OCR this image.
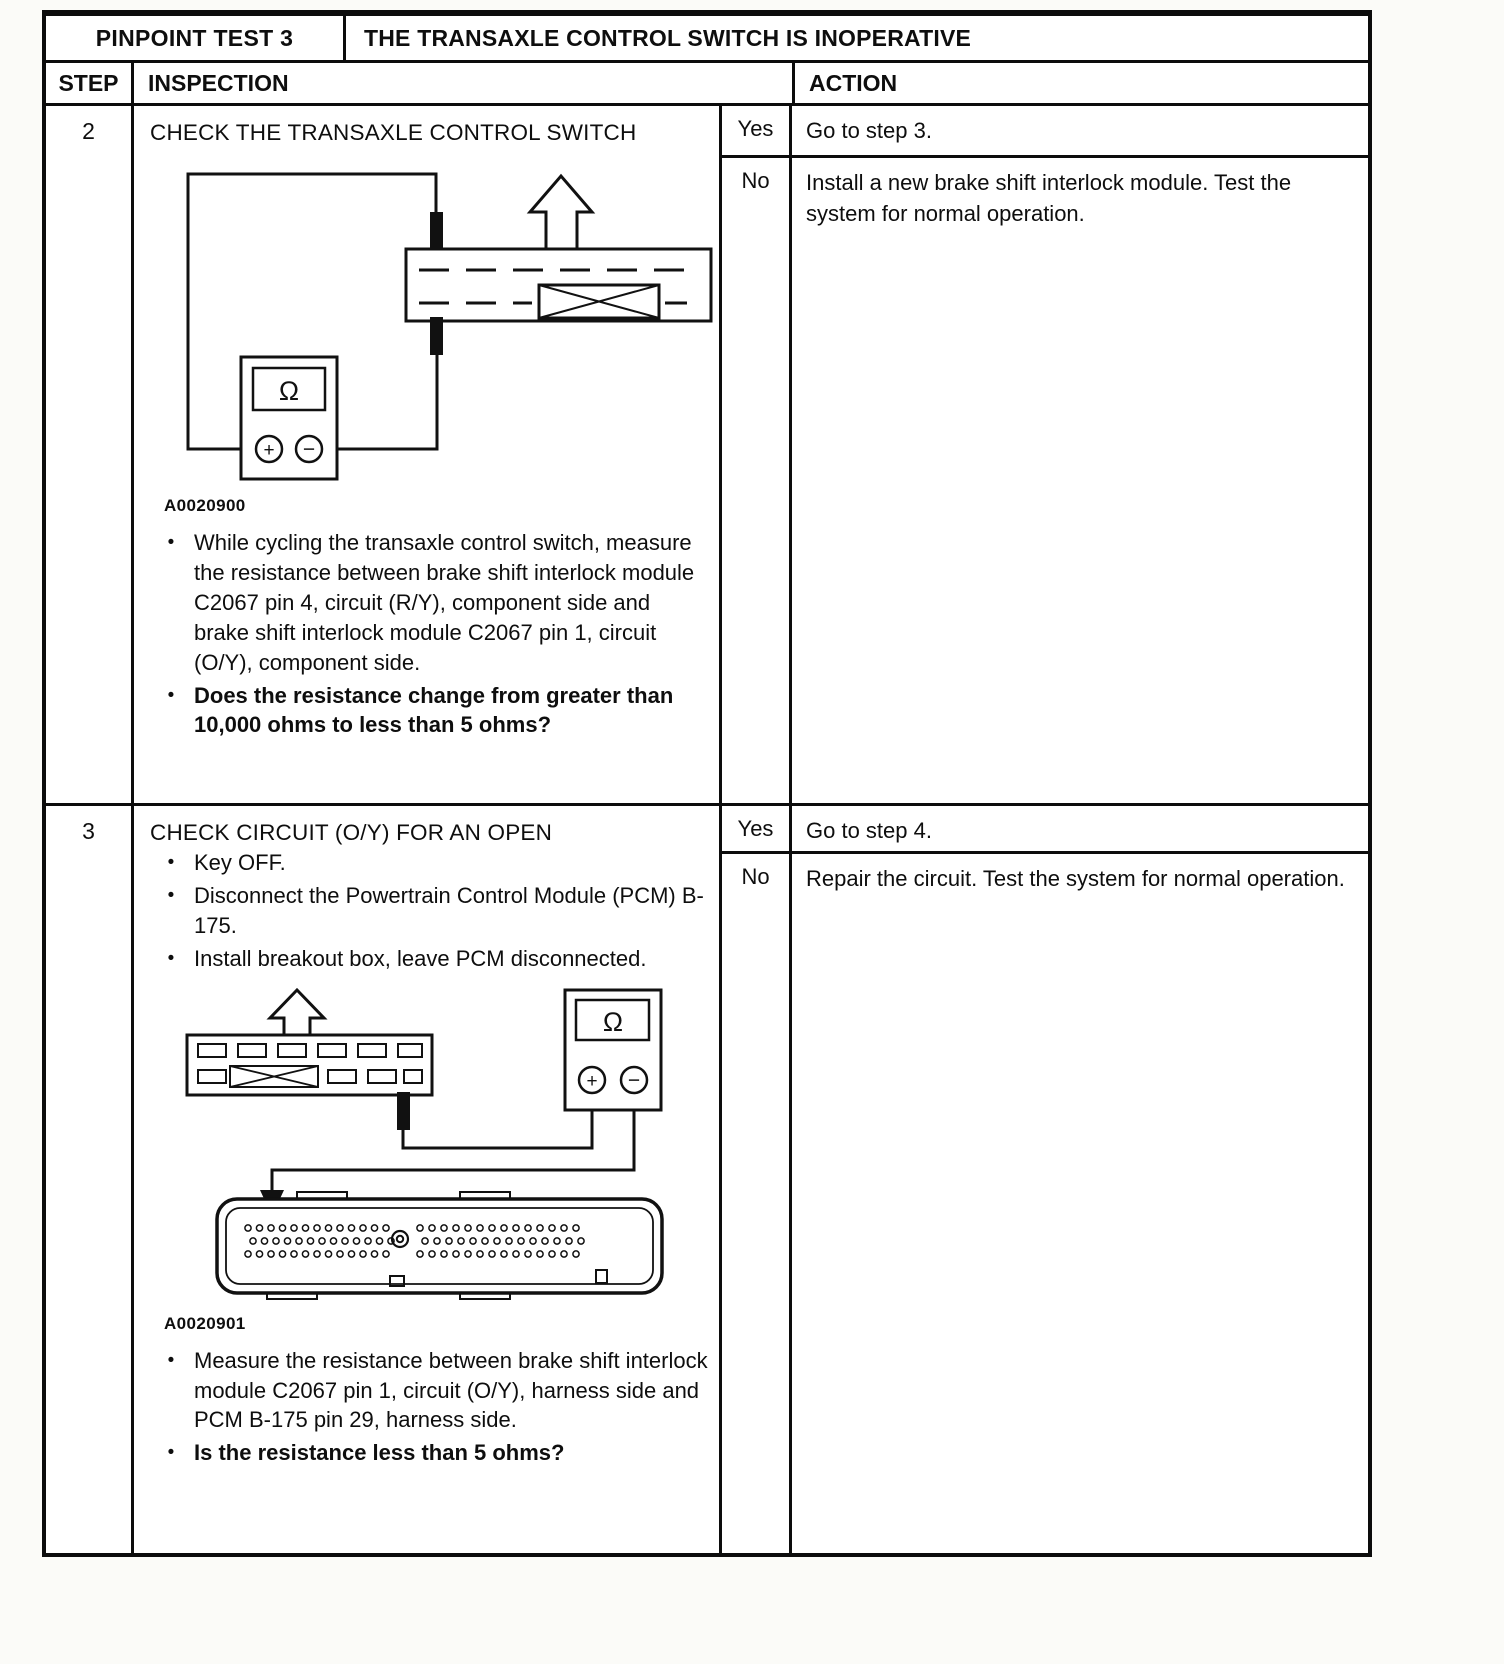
PINPOINT TEST 3	THE TRANSAXLE CONTROL SWITCH IS INOPERATIVE
STEP	INSPECTION	ACTION
2	CHECK THE TRANSAXLE CONTROL SWITCH
Ω
+ −
A0020900
• While cycling the transaxle control switch, measure the resistance between brake shift interlock module C2067 pin 4, circuit (R/Y), component side and brake shift interlock module C2067 pin 1, circuit (O/Y), component side.
• Does the resistance change from greater than 10,000 ohms to less than 5 ohms?
Yes	Go to step 3.
No	Install a new brake shift interlock module. Test the system for normal operation.
3	CHECK CIRCUIT (O/Y) FOR AN OPEN
• Key OFF.
• Disconnect the Powertrain Control Module (PCM) B-175.
• Install breakout box, leave PCM disconnected.
Ω
+ −
A0020901
• Measure the resistance between brake shift interlock module C2067 pin 1, circuit (O/Y), harness side and PCM B-175 pin 29, harness side.
• Is the resistance less than 5 ohms?
Yes	Go to step 4.
No	Repair the circuit. Test the system for normal operation.
